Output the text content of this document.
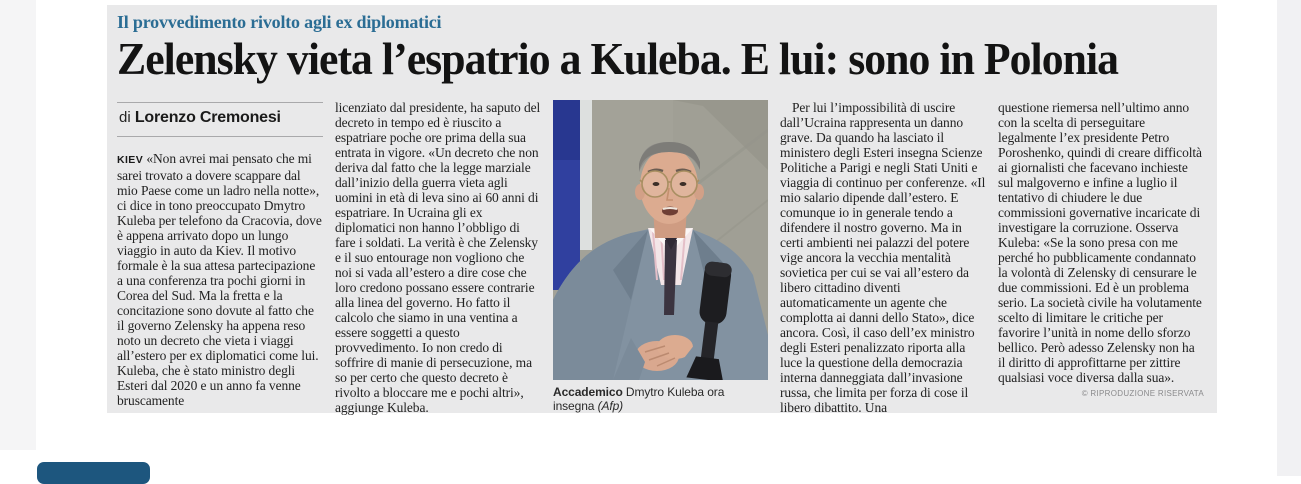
Il provvedimento rivolto agli ex diplomatici

Zelensky vieta l’espatrio a Kuleba. E lui: sono in Polonia
di Lorenzo Cremonesi

KIEV «Non avrei mai pensato che mi sarei trovato a dovere scappare dal mio Paese come un ladro nella notte», ci dice in tono preoccupato Dmytro Kuleba per telefono da Cracovia, dove è appena arrivato dopo un lungo viaggio in auto da Kiev. Il motivo formale è la sua attesa partecipazione a una conferenza tra pochi giorni in Corea del Sud. Ma la fretta e la concitazione sono dovute al fatto che il governo Zelensky ha appena reso noto un decreto che vieta i viaggi all’estero per ex diplomatici come lui. Kuleba, che è stato ministro degli Esteri dal 2020 e un anno fa venne bruscamente

licenziato dal presidente, ha saputo del decreto in tempo ed è riuscito a espatriare poche ore prima della sua entrata in vigore. «Un decreto che non deriva dal fatto che la legge marziale dall’inizio della guerra vieta agli uomini in età di leva sino ai 60 anni di espatriare. In Ucraina gli ex diplomatici non hanno l’obbligo di fare i soldati. La verità è che Zelensky e il suo entourage non vogliono che noi si vada all’estero a dire cose che loro credono possano essere contrarie alla linea del governo. Ho fatto il calcolo che siamo in una ventina a essere soggetti a questo provvedimento. Io non credo di soffrire di manie di persecuzione, ma so per certo che questo decreto è rivolto a bloccare me e pochi altri», aggiunge Kuleba.

Accademico Dmytro Kuleba ora insegna (Afp)

Per lui l’impossibilità di uscire dall’Ucraina rappresenta un danno grave. Da quando ha lasciato il ministero degli Esteri insegna Scienze Politiche a Parigi e negli Stati Uniti e viaggia di continuo per conferenze. «Il mio salario dipende dall’estero. E comunque io in generale tendo a difendere il nostro governo. Ma in certi ambienti nei palazzi del potere vige ancora la vecchia mentalità sovietica per cui se vai all’estero da libero cittadino diventi automaticamente un agente che complotta ai danni dello Stato», dice ancora. Così, il caso dell’ex ministro degli Esteri penalizzato riporta alla luce la questione della democrazia interna danneggiata dall’invasione russa, che limita per forza di cose il libero dibattito. Una

questione riemersa nell’ultimo anno con la scelta di perseguitare legalmente l’ex presidente Petro Poroshenko, quindi di creare difficoltà ai giornalisti che facevano inchieste sul malgoverno e infine a luglio il tentativo di chiudere le due commissioni governative incaricate di investigare la corruzione. Osserva Kuleba: «Se la sono presa con me perché ho pubblicamente condannato la volontà di Zelensky di censurare le due commissioni. Ed è un problema serio. La società civile ha volutamente scelto di limitare le critiche per favorire l’unità in nome dello sforzo bellico. Però adesso Zelensky non ha il diritto di approfittarne per zittire qualsiasi voce diversa dalla sua».

© RIPRODUZIONE RISERVATA
